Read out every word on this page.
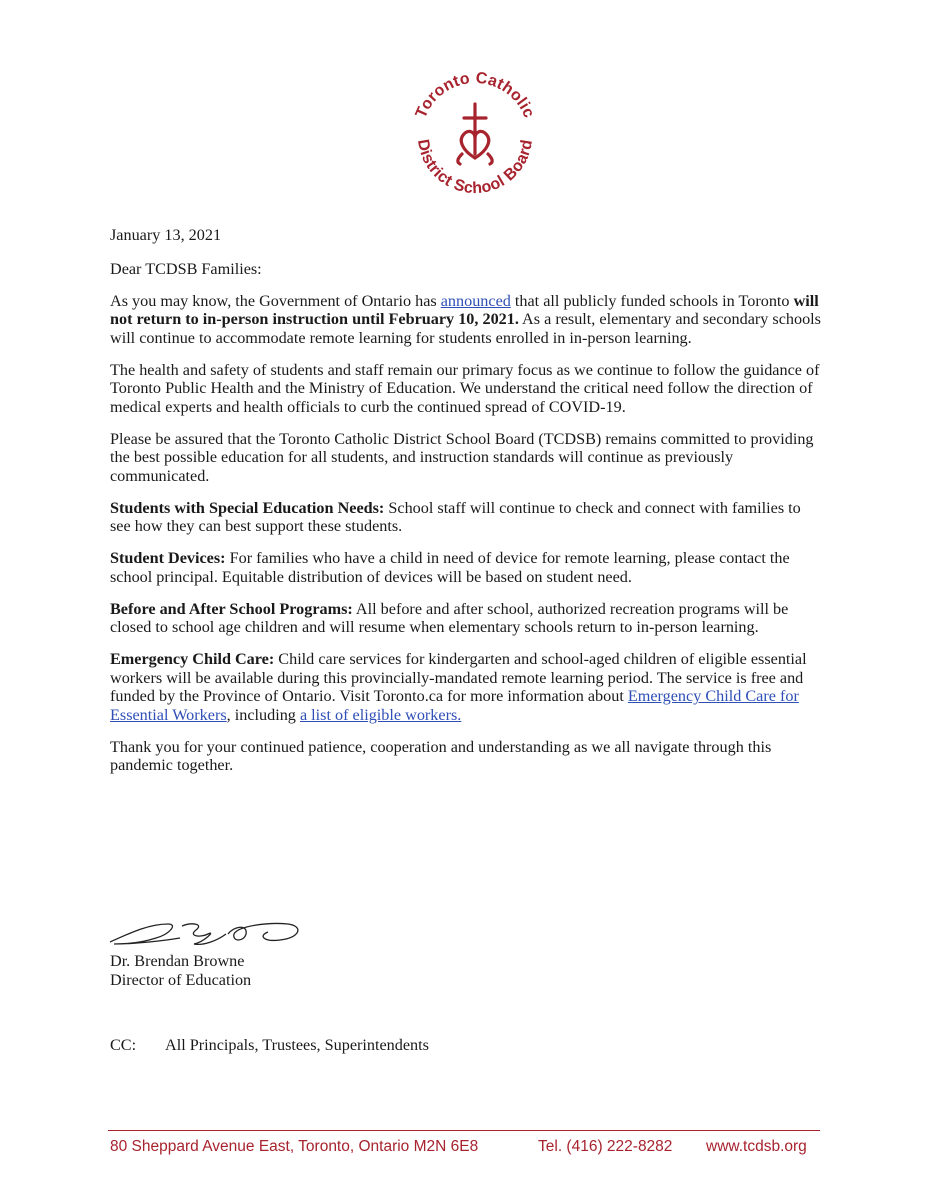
Toronto Catholic
District School Board

January 13, 2021

Dear TCDSB Families:

As you may know, the Government of Ontario has announced that all publicly funded schools in Toronto will not return to in-person instruction until February 10, 2021. As a result, elementary and secondary schools will continue to accommodate remote learning for students enrolled in in-person learning.

The health and safety of students and staff remain our primary focus as we continue to follow the guidance of Toronto Public Health and the Ministry of Education. We understand the critical need follow the direction of medical experts and health officials to curb the continued spread of COVID-19.

Please be assured that the Toronto Catholic District School Board (TCDSB) remains committed to providing the best possible education for all students, and instruction standards will continue as previously communicated.

Students with Special Education Needs: School staff will continue to check and connect with families to see how they can best support these students.

Student Devices: For families who have a child in need of device for remote learning, please contact the school principal. Equitable distribution of devices will be based on student need.

Before and After School Programs: All before and after school, authorized recreation programs will be closed to school age children and will resume when elementary schools return to in-person learning.

Emergency Child Care: Child care services for kindergarten and school-aged children of eligible essential workers will be available during this provincially-mandated remote learning period. The service is free and funded by the Province of Ontario. Visit Toronto.ca for more information about Emergency Child Care for Essential Workers, including a list of eligible workers.

Thank you for your continued patience, cooperation and understanding as we all navigate through this pandemic together.

Dr. Brendan Browne
Director of Education
CC: All Principals, Trustees, Superintendents
80 Sheppard Avenue East, Toronto, Ontario M2N 6E8	Tel. (416) 222-8282 www.tcdsb.org
